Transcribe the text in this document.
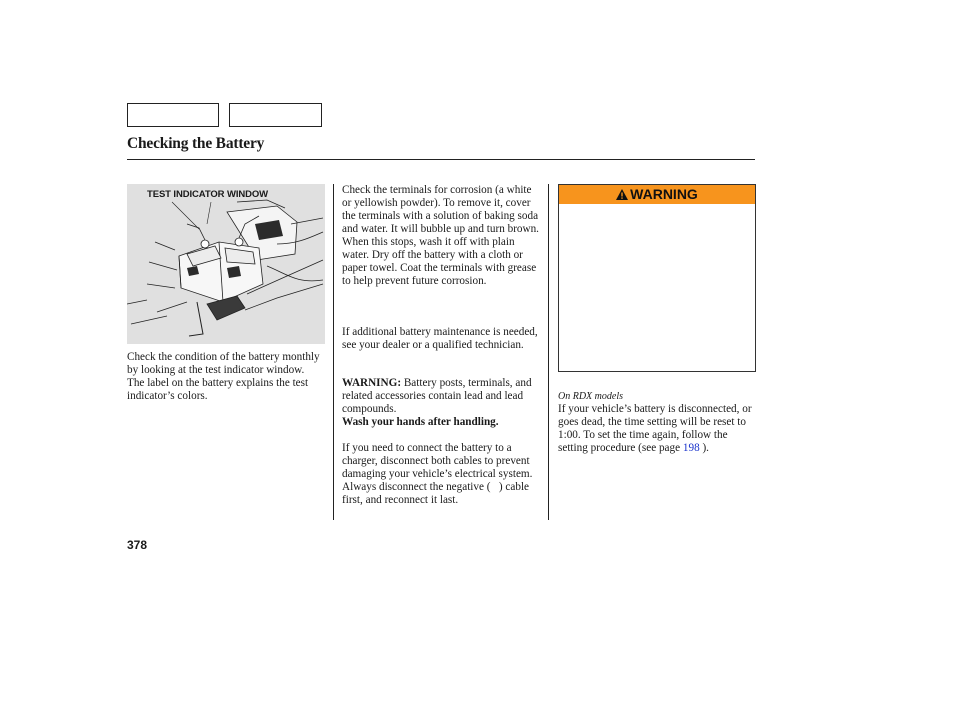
Checking the Battery
TEST INDICATOR WINDOW
Check the condition of the battery monthly by looking at the test indicator window. The label on the battery explains the test indicator’s colors.
Check the terminals for corrosion (a white or yellowish powder). To remove it, cover the terminals with a solution of baking soda and water. It will bubble up and turn brown. When this stops, wash it off with plain water. Dry off the battery with a cloth or paper towel. Coat the terminals with grease to help prevent future corrosion.
If additional battery maintenance is needed, see your dealer or a qualified technician.
WARNING: Battery posts, terminals, and related accessories contain lead and lead compounds.
Wash your hands after handling.
If you need to connect the battery to a charger, disconnect both cables to prevent damaging your vehicle’s electrical system. Always disconnect the negative (   ) cable first, and reconnect it last.
WARNING
On RDX models
If your vehicle’s battery is disconnected, or goes dead, the time setting will be reset to 1:00. To set the time again, follow the setting procedure (see page 198 ).
378
